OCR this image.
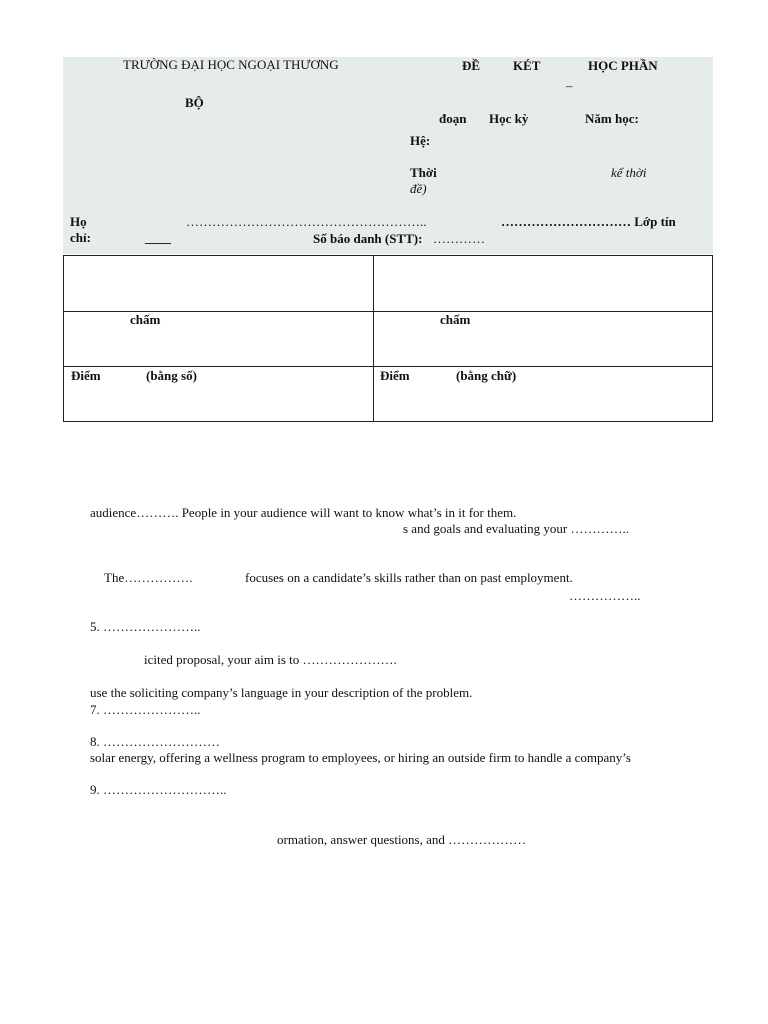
TRƯỜNG ĐẠI HỌC NGOẠI THƯƠNG	ĐỀ	KÉT	HỌC PHẦN
–
BỘ
đoạn Học kỳ	Năm học:
Hệ:
Thời	kể thời
đề)
Họ	………………………………………………..	………………………… Lớp tín
chỉ:	____	Số báo danh (STT): …………
chấm	chấm
Điểm	(bằng số)	Điểm	(bằng chữ)
audience………. People in your audience will want to know what’s in it for them.
s and goals and evaluating your …………..
The…………….	focuses on a candidate’s skills rather than on past employment.
……………..
5. …………………..
icited proposal, your aim is to ………………….
use the soliciting company’s language in your description of the problem.
7. …………………..
8. ………………………
solar energy, offering a wellness program to employees, or hiring an outside firm to handle a company’s
9. ………………………..
ormation, answer questions, and ………………
